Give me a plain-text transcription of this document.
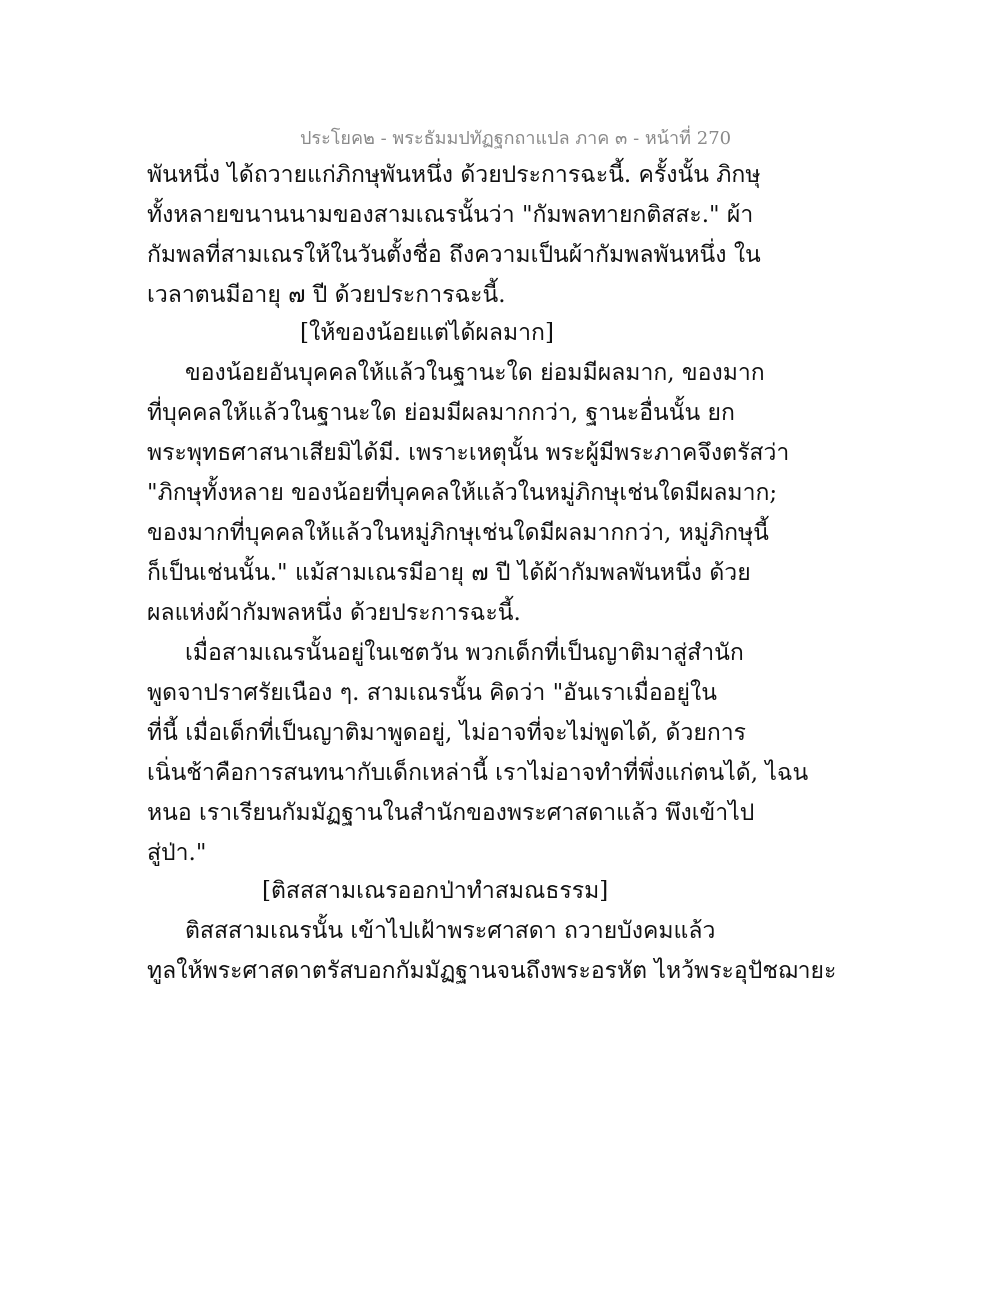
ประโยค๒ - พระธัมมปทัฏฐกถาแปล ภาค ๓ - หน้าที่ 270
พันหนึ่ง ได้ถวายแก่ภิกษุพันหนึ่ง ด้วยประการฉะนี้. ครั้งนั้น ภิกษุ
ทั้งหลายขนานนามของสามเณรนั้นว่า "กัมพลทายกติสสะ." ผ้า
กัมพลที่สามเณรให้ในวันตั้งชื่อ ถึงความเป็นผ้ากัมพลพันหนึ่ง ใน
เวลาตนมีอายุ ๗ ปี ด้วยประการฉะนี้.
[ให้ของน้อยแต่ได้ผลมาก]
ของน้อยอันบุคคลให้แล้วในฐานะใด ย่อมมีผลมาก, ของมาก
ที่บุคคลให้แล้วในฐานะใด ย่อมมีผลมากกว่า, ฐานะอื่นนั้น ยก
พระพุทธศาสนาเสียมิได้มี. เพราะเหตุนั้น พระผู้มีพระภาคจึงตรัสว่า
"ภิกษุทั้งหลาย ของน้อยที่บุคคลให้แล้วในหมู่ภิกษุเช่นใดมีผลมาก;
ของมากที่บุคคลให้แล้วในหมู่ภิกษุเช่นใดมีผลมากกว่า, หมู่ภิกษุนี้
ก็เป็นเช่นนั้น." แม้สามเณรมีอายุ ๗ ปี ได้ผ้ากัมพลพันหนึ่ง ด้วย
ผลแห่งผ้ากัมพลหนึ่ง ด้วยประการฉะนี้.
เมื่อสามเณรนั้นอยู่ในเชตวัน พวกเด็กที่เป็นญาติมาสู่สำนัก
พูดจาปราศรัยเนือง ๆ. สามเณรนั้น คิดว่า "อันเราเมื่ออยู่ใน
ที่นี้ เมื่อเด็กที่เป็นญาติมาพูดอยู่, ไม่อาจที่จะไม่พูดได้, ด้วยการ
เนิ่นช้าคือการสนทนากับเด็กเหล่านี้ เราไม่อาจทำที่พึ่งแก่ตนได้, ไฉน
หนอ เราเรียนกัมมัฏฐานในสำนักของพระศาสดาแล้ว พึงเข้าไป
สู่ป่า."
[ติสสสามเณรออกป่าทำสมณธรรม]
ติสสสามเณรนั้น เข้าไปเฝ้าพระศาสดา ถวายบังคมแล้ว
ทูลให้พระศาสดาตรัสบอกกัมมัฏฐานจนถึงพระอรหัต ไหว้พระอุปัชฌายะ
